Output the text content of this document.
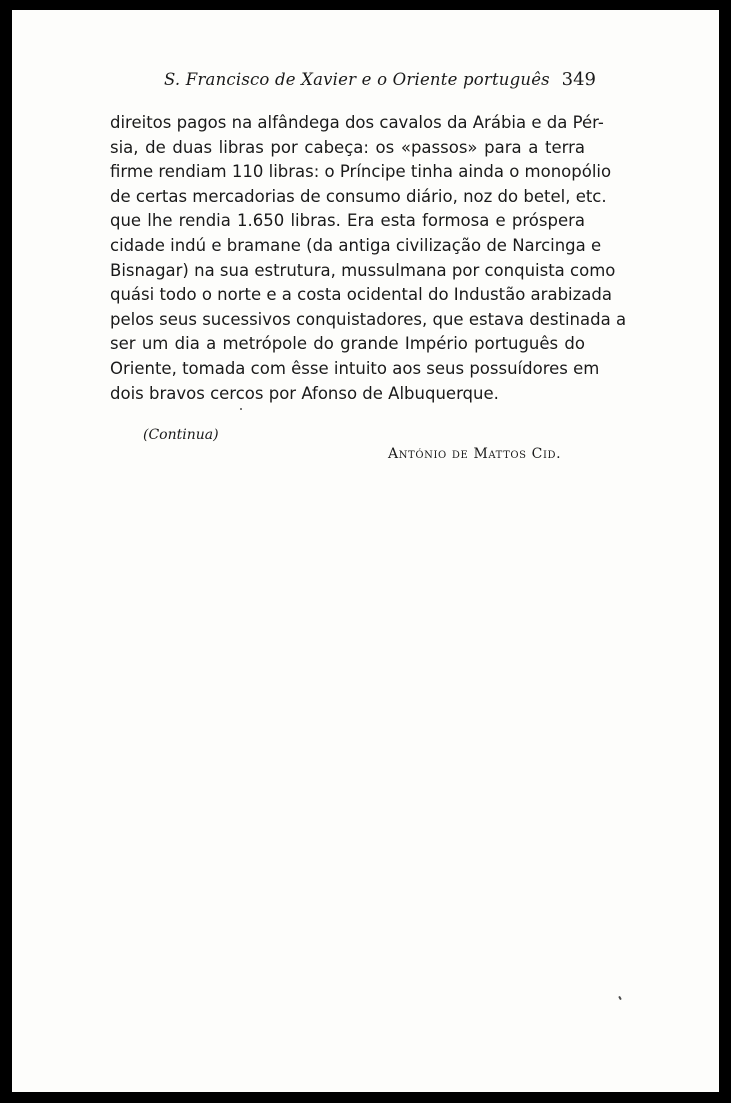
S. Francisco de Xavier e o Oriente português 349
direitos pagos na alfândega dos cavalos da Arábia e da Pér-
sia, de duas libras por cabeça: os «passos» para a terra
firme rendiam 110 libras: o Príncipe tinha ainda o monopólio
de certas mercadorias de consumo diário, noz do betel, etc.
que lhe rendia 1.650 libras. Era esta formosa e próspera
cidade indú e bramane (da antiga civilização de Narcinga e
Bisnagar) na sua estrutura, mussulmana por conquista como
quási todo o norte e a costa ocidental do Industão arabizada
pelos seus sucessivos conquistadores, que estava destinada a
ser um dia a metrópole do grande Império português do
Oriente, tomada com êsse intuito aos seus possuídores em
dois bravos cercos por Afonso de Albuquerque.
(Continua)
António de Mattos Cid.
